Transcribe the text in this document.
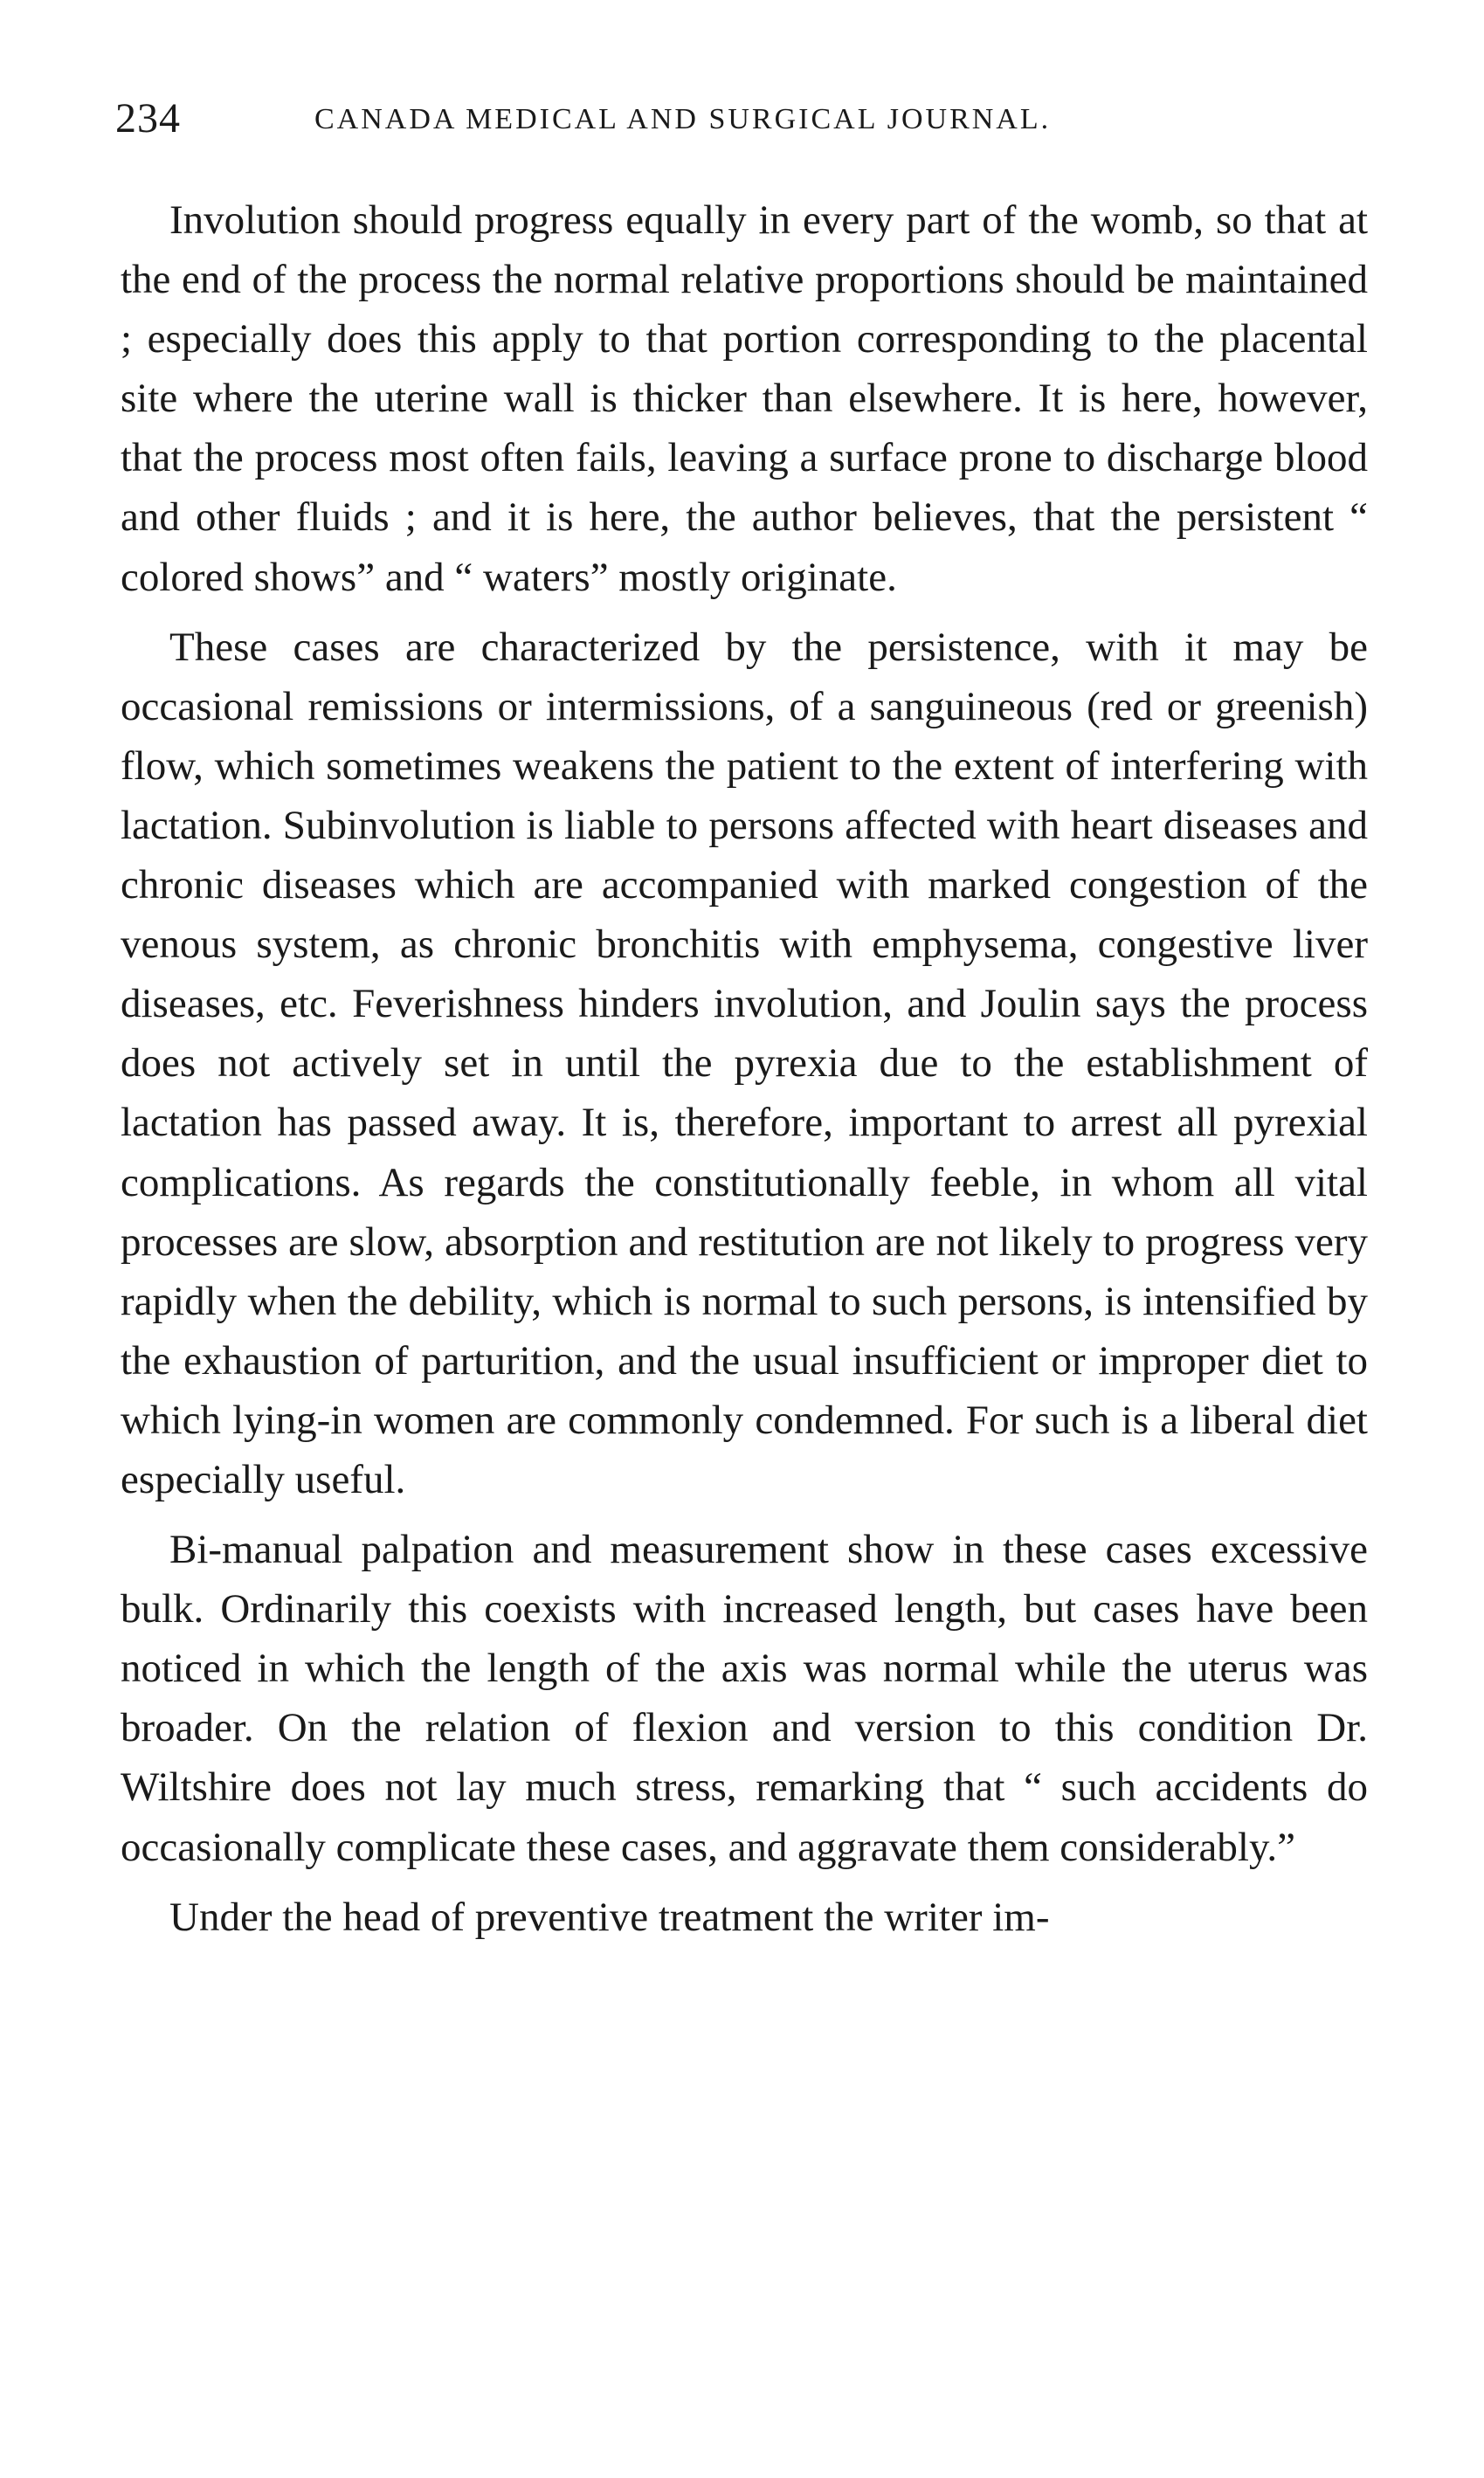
234	CANADA MEDICAL AND SURGICAL JOURNAL.

Involution should progress equally in every part of the womb, so that at the end of the process the normal relative proportions should be maintained ; especially does this apply to that portion corresponding to the placental site where the uterine wall is thicker than elsewhere. It is here, however, that the process most often fails, leaving a surface prone to discharge blood and other fluids ; and it is here, the author believes, that the persistent “ colored shows” and “ waters” mostly originate.

These cases are characterized by the persistence, with it may be occasional remissions or intermissions, of a sanguineous (red or greenish) flow, which sometimes weakens the patient to the extent of interfering with lactation. Subinvolution is liable to persons affected with heart diseases and chronic diseases which are accompanied with marked congestion of the venous system, as chronic bronchitis with emphysema, congestive liver diseases, etc. Feverishness hinders involution, and Joulin says the process does not actively set in until the pyrexia due to the establishment of lactation has passed away. It is, therefore, important to arrest all pyrexial complications. As regards the constitutionally feeble, in whom all vital processes are slow, absorption and restitution are not likely to progress very rapidly when the debility, which is normal to such persons, is intensified by the exhaustion of parturition, and the usual insufficient or improper diet to which lying-in women are commonly condemned. For such is a liberal diet especially useful.

Bi-manual palpation and measurement show in these cases excessive bulk. Ordinarily this coexists with increased length, but cases have been noticed in which the length of the axis was normal while the uterus was broader. On the relation of flexion and version to this condition Dr. Wiltshire does not lay much stress, remarking that “ such accidents do occasionally complicate these cases, and aggravate them considerably.”

Under the head of preventive treatment the writer im-
